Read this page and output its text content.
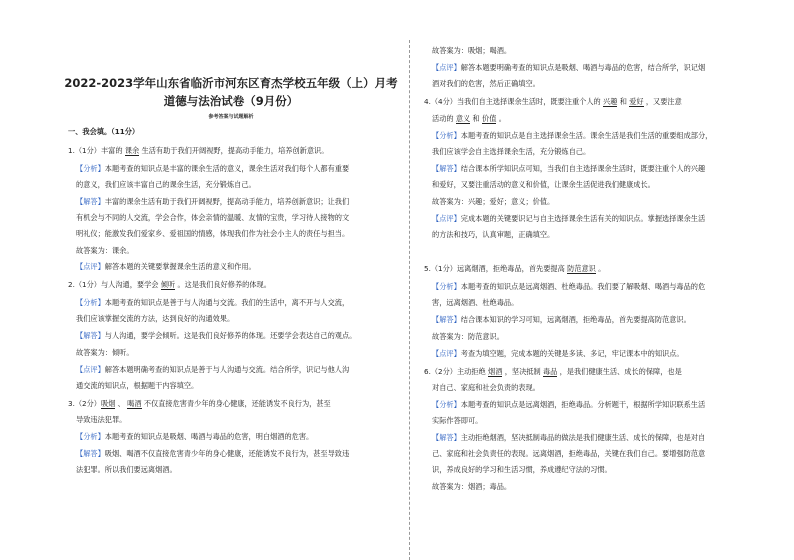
2022-2023学年山东省临沂市河东区育杰学校五年级（上）月考
道德与法治试卷（9月份）
参考答案与试题解析
一、我会填。（11分）
1.（1分）丰富的 课余 生活有助于我们开阔视野，提高动手能力，培养创新意识。
【分析】本题考查的知识点是丰富的课余生活的意义，课余生活对我们每个人都有重要
的意义，我们应该丰富自己的课余生活，充分锻炼自己。
【解答】丰富的课余生活有助于我们开阔视野，提高动手能力，培养创新意识；让我们
有机会与不同的人交流，学会合作，体会亲情的温暖、友情的宝贵，学习待人接物的文
明礼仪；能激发我们爱家乡、爱祖国的情感，体现我们作为社会小主人的责任与担当。
故答案为：课余。
【点评】解答本题的关键要掌握课余生活的意义和作用。
2.（1分）与人沟通，要学会 倾听 。这是我们良好修养的体现。
【分析】本题考查的知识点是善于与人沟通与交流。我们的生活中，离不开与人交流，
我们应该掌握交流的方法，达到良好的沟通效果。
【解答】与人沟通，要学会倾听。这是我们良好修养的体现。还要学会表达自己的观点。
故答案为：倾听。
【点评】解答本题明确考查的知识点是善于与人沟通与交流。结合所学，识记与他人沟
通交流的知识点，根据题干内容填空。
3.（2分）吸烟 、 喝酒 不仅直接危害青少年的身心健康，还能诱发不良行为，甚至
导致违法犯罪。
【分析】本题考查的知识点是吸烟、喝酒与毒品的危害，明白烟酒的危害。
【解答】吸烟、喝酒不仅直接危害青少年的身心健康，还能诱发不良行为，甚至导致违
法犯罪。所以我们要远离烟酒。
故答案为：吸烟；喝酒。
【点评】解答本题要明确考查的知识点是吸烟、喝酒与毒品的危害，结合所学，识记烟
酒对我们的危害，然后正确填空。
4.（4分）当我们自主选择课余生活时，既要注重个人的 兴趣 和 爱好 ，又要注意
活动的 意义 和 价值 。
【分析】本题考查的知识点是自主选择课余生活。课余生活是我们生活的重要组成部分，
我们应该学会自主选择课余生活，充分锻炼自己。
【解答】结合课本所学知识点可知，当我们自主选择课余生活时，既要注重个人的兴趣
和爱好，又要注重活动的意义和价值，让课余生活促进我们健康成长。
故答案为：兴趣；爱好；意义；价值。
【点评】完成本题的关键要识记与自主选择课余生活有关的知识点。掌握选择课余生活
的方法和技巧，认真审题，正确填空。
5.（1分）远离烟酒，拒绝毒品，首先要提高 防范意识 。
【分析】本题考查的知识点是远离烟酒、杜绝毒品。我们要了解吸烟、喝酒与毒品的危
害，远离烟酒、杜绝毒品。
【解答】结合课本知识的学习可知，远离烟酒，拒绝毒品，首先要提高防范意识。
故答案为：防范意识。
【点评】考查为填空题，完成本题的关键是多读、多记，牢记课本中的知识点。
6.（2分）主动拒绝 烟酒 ，坚决抵制 毒品 ，是我们健康生活、成长的保障，也是
对自己、家庭和社会负责的表现。
【分析】本题考查的知识点是远离烟酒，拒绝毒品。分析题干，根据所学知识联系生活
实际作答即可。
【解答】主动拒绝烟酒，坚决抵制毒品的做法是我们健康生活、成长的保障，也是对自
己、家庭和社会负责任的表现。远离烟酒，拒绝毒品，关键在我们自己。要增强防范意
识，养成良好的学习和生活习惯，养成遵纪守法的习惯。
故答案为：烟酒；毒品。
